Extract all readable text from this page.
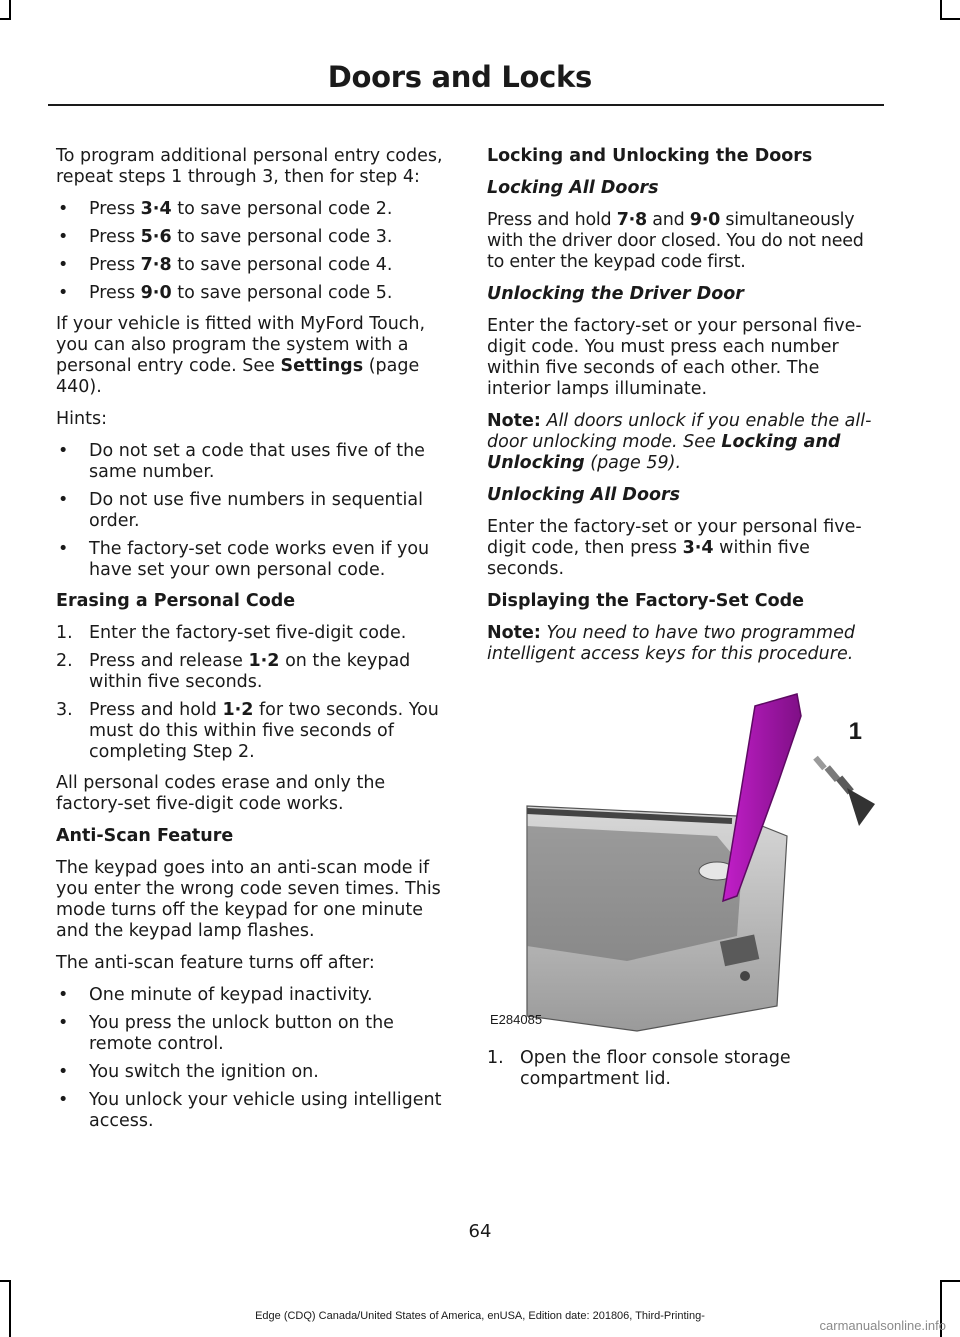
Doors and Locks

To program additional personal entry codes, repeat steps 1 through 3, then for step 4:

• Press 3·4 to save personal code 2.
• Press 5·6 to save personal code 3.
• Press 7·8 to save personal code 4.
• Press 9·0 to save personal code 5.

If your vehicle is fitted with MyFord Touch, you can also program the system with a personal entry code. See Settings (page 440).

Hints:

• Do not set a code that uses five of the same number.
• Do not use five numbers in sequential order.
• The factory-set code works even if you have set your own personal code.
Erasing a Personal Code
1. Enter the factory-set five-digit code.
2. Press and release 1·2 on the keypad within five seconds.
3. Press and hold 1·2 for two seconds. You must do this within five seconds of completing Step 2.

All personal codes erase and only the factory-set five-digit code works.

Anti-Scan Feature

The keypad goes into an anti-scan mode if you enter the wrong code seven times. This mode turns off the keypad for one minute and the keypad lamp flashes.

The anti-scan feature turns off after:

• One minute of keypad inactivity.
• You press the unlock button on the remote control.
• You switch the ignition on.
• You unlock your vehicle using intelligent access.
Locking and Unlocking the Doors
Locking All Doors

Press and hold 7·8 and 9·0 simultaneously with the driver door closed. You do not need to enter the keypad code first.

Unlocking the Driver Door

Enter the factory-set or your personal five-digit code. You must press each number within five seconds of each other. The interior lamps illuminate.

Note: All doors unlock if you enable the all-door unlocking mode. See Locking and Unlocking (page 59).

Unlocking All Doors

Enter the factory-set or your personal five-digit code, then press 3·4 within five seconds.

Displaying the Factory-Set Code

Note: You need to have two programmed intelligent access keys for this procedure.

1
E284085
1. Open the floor console storage compartment lid.
64
Edge (CDQ) Canada/United States of America, enUSA, Edition date: 201806, Third-Printing-
carmanualsonline.info
